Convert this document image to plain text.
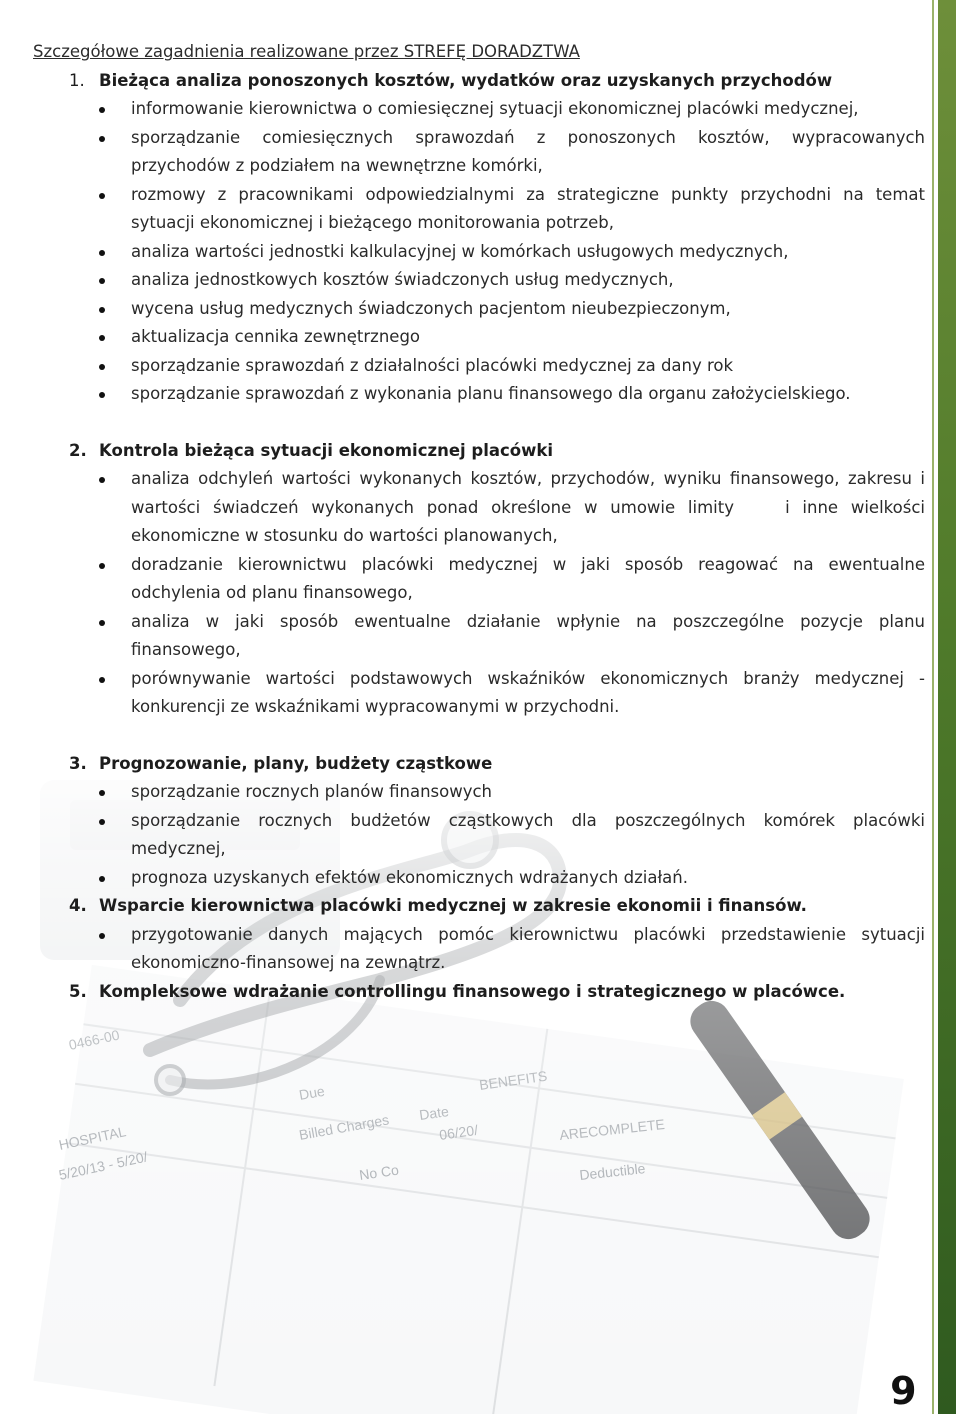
Szczegółowe zagadnienia realizowane przez STREFĘ DORADZTWA
1. Bieżąca analiza ponoszonych kosztów, wydatków oraz uzyskanych przychodów
informowanie kierownictwa o comiesięcznej sytuacji ekonomicznej placówki medycznej,
sporządzanie comiesięcznych sprawozdań z ponoszonych kosztów, wypracowanych przychodów z podziałem na wewnętrzne komórki,
rozmowy z pracownikami odpowiedzialnymi za strategiczne punkty przychodni na temat sytuacji ekonomicznej i bieżącego monitorowania potrzeb,
analiza wartości jednostki kalkulacyjnej w komórkach usługowych medycznych,
analiza jednostkowych kosztów świadczonych usług medycznych,
wycena usług medycznych świadczonych pacjentom nieubezpieczonym,
aktualizacja cennika zewnętrznego
sporządzanie sprawozdań z działalności placówki medycznej za dany rok
sporządzanie sprawozdań z wykonania planu finansowego dla organu założycielskiego.
2. Kontrola bieżąca sytuacji ekonomicznej placówki
analiza odchyleń wartości wykonanych kosztów, przychodów, wyniku finansowego, zakresu i wartości świadczeń wykonanych ponad określone w umowie limity    i inne wielkości ekonomiczne w stosunku do wartości planowanych,
doradzanie kierownictwu placówki medycznej w jaki sposób reagować na ewentualne odchylenia od planu finansowego,
analiza w jaki sposób ewentualne działanie wpłynie na poszczególne pozycje planu finansowego,
porównywanie wartości podstawowych wskaźników ekonomicznych branży medycznej - konkurencji ze wskaźnikami wypracowanymi w przychodni.
3. Prognozowanie, plany, budżety cząstkowe
sporządzanie rocznych planów finansowych
sporządzanie rocznych budżetów cząstkowych dla poszczególnych komórek placówki medycznej,
prognoza uzyskanych efektów ekonomicznych wdrażanych działań.
4. Wsparcie kierownictwa placówki medycznej w zakresie ekonomii i finansów.
przygotowanie danych mających pomóc kierownictwu placówki przedstawienie sytuacji ekonomiczno-finansowej na zewnątrz.
5. Kompleksowe wdrażanie controllingu finansowego i strategicznego w placówce.
6
